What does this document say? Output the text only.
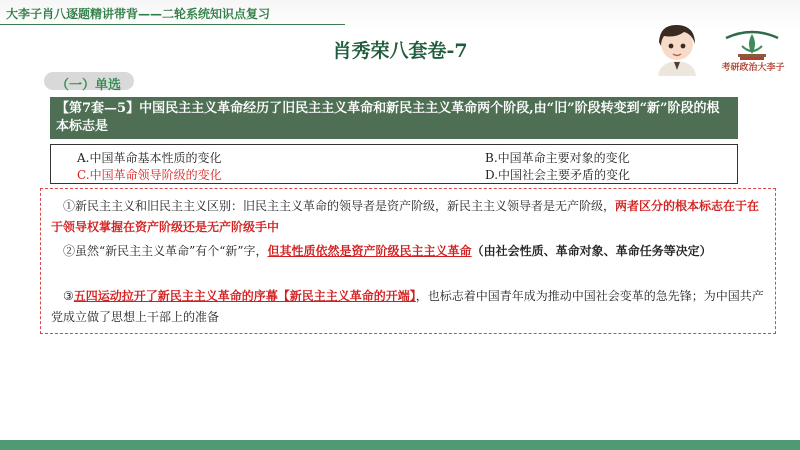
大李子肖八逐题精讲带背——二轮系统知识点复习
肖秀荣八套卷-7
考研政治大李子
（一）单选
【第7套—5】中国民主主义革命经历了旧民主主义革命和新民主主义革命两个阶段,由“旧”阶段转变到“新”阶段的根本标志是
A.中国革命基本性质的变化	B.中国革命主要对象的变化
C.中国革命领导阶级的变化	D.中国社会主要矛盾的变化
①新民主主义和旧民主主义区别：旧民主主义革命的领导者是资产阶级，新民主主义领导者是无产阶级，两者区分的根本标志在于在于领导权掌握在资产阶级还是无产阶级手中
②虽然“新民主主义革命”有个“新”字，但其性质依然是资产阶级民主主义革命（由社会性质、革命对象、革命任务等决定）
③五四运动拉开了新民主主义革命的序幕【新民主主义革命的开端】，也标志着中国青年成为推动中国社会变革的急先锋；为中国共产党成立做了思想上干部上的准备
